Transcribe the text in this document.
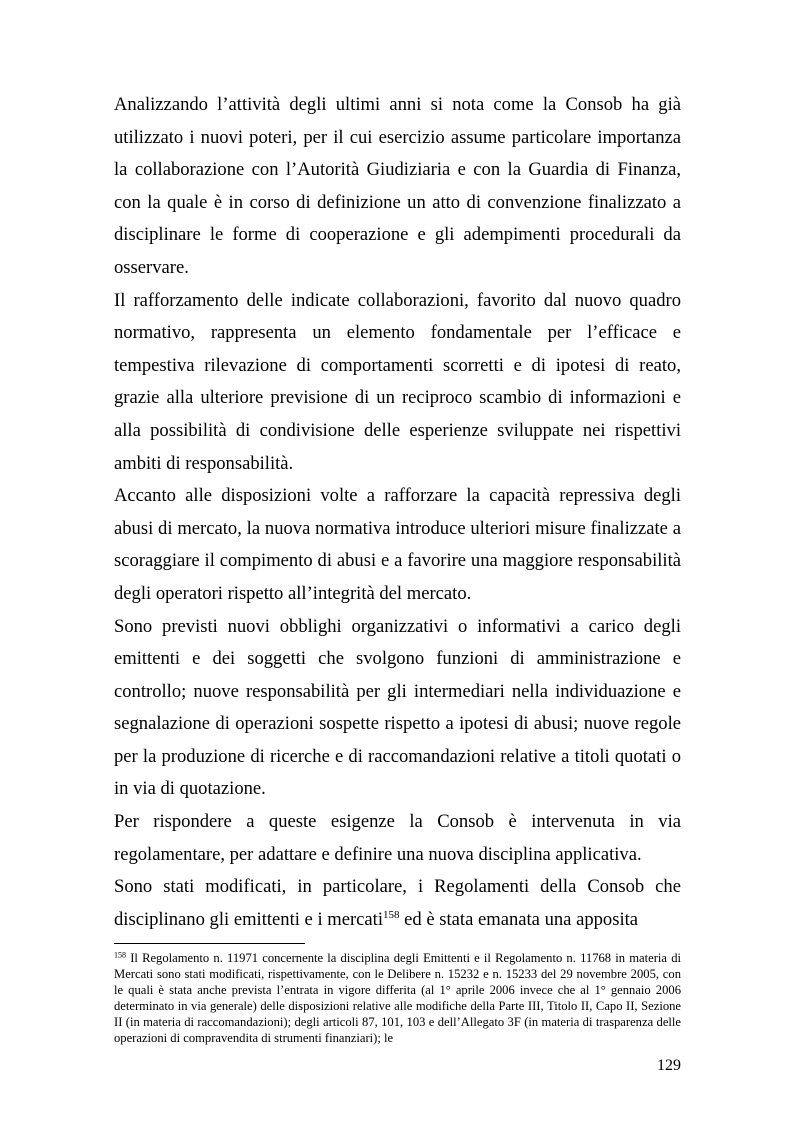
Analizzando l’attività degli ultimi anni si nota come la Consob ha già utilizzato i nuovi poteri, per il cui esercizio assume particolare importanza la collaborazione con l’Autorità Giudiziaria e con la Guardia di Finanza, con la quale è in corso di definizione un atto di convenzione finalizzato a disciplinare le forme di cooperazione e gli adempimenti procedurali da osservare.

Il rafforzamento delle indicate collaborazioni, favorito dal nuovo quadro normativo, rappresenta un elemento fondamentale per l’efficace e tempestiva rilevazione di comportamenti scorretti e di ipotesi di reato, grazie alla ulteriore previsione di un reciproco scambio di informazioni e alla possibilità di condivisione delle esperienze sviluppate nei rispettivi ambiti di responsabilità.

Accanto alle disposizioni volte a rafforzare la capacità repressiva degli abusi di mercato, la nuova normativa introduce ulteriori misure finalizzate a scoraggiare il compimento di abusi e a favorire una maggiore responsabilità degli operatori rispetto all’integrità del mercato.

Sono previsti nuovi obblighi organizzativi o informativi a carico degli emittenti e dei soggetti che svolgono funzioni di amministrazione e controllo; nuove responsabilità per gli intermediari nella individuazione e segnalazione di operazioni sospette rispetto a ipotesi di abusi; nuove regole per la produzione di ricerche e di raccomandazioni relative a titoli quotati o in via di quotazione.

Per rispondere a queste esigenze la Consob è intervenuta in via regolamentare, per adattare e definire una nuova disciplina applicativa.

Sono stati modificati, in particolare, i Regolamenti della Consob che disciplinano gli emittenti e i mercati$^{158}$ ed è stata emanata una apposita

$^{158}$ Il Regolamento n. 11971 concernente la disciplina degli Emittenti e il Regolamento n. 11768 in materia di Mercati sono stati modificati, rispettivamente, con le Delibere n. 15232 e n. 15233 del 29 novembre 2005, con le quali è stata anche prevista l’entrata in vigore differita (al 1° aprile 2006 invece che al 1° gennaio 2006 determinato in via generale) delle disposizioni relative alle modifiche della Parte III, Titolo II, Capo II, Sezione II (in materia di raccomandazioni); degli articoli 87, 101, 103 e dell’Allegato 3F (in materia di trasparenza delle operazioni di compravendita di strumenti finanziari); le

129
